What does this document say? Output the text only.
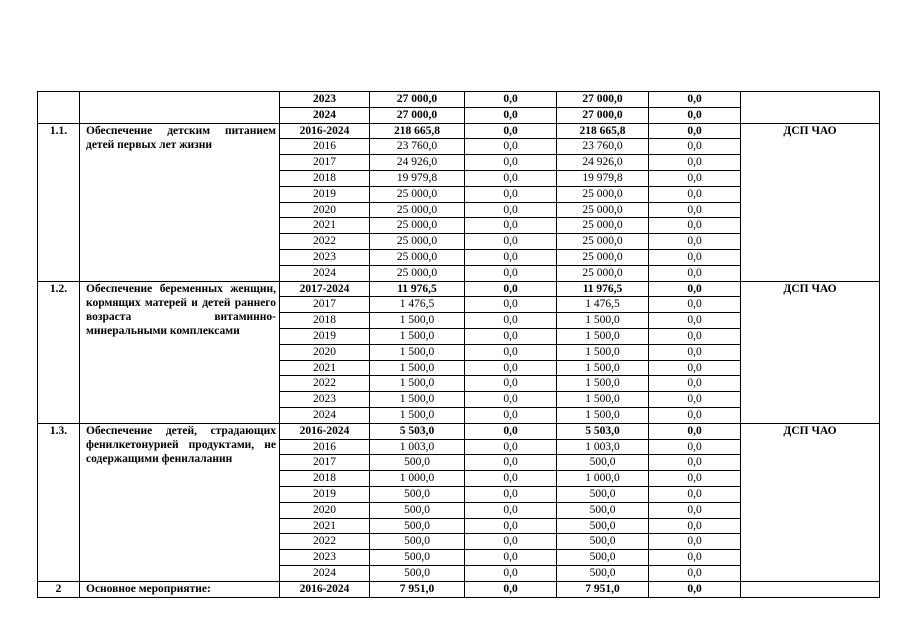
		2023	27 000,0	0,0	27 000,0	0,0	
		2024	27 000,0	0,0	27 000,0	0,0	
1.1.	Обеспечение детским питанием детей первых лет жизни	2016-2024	218 665,8	0,0	218 665,8	0,0	ДСП ЧАО
		2016	23 760,0	0,0	23 760,0	0,0	
		2017	24 926,0	0,0	24 926,0	0,0	
		2018	19 979,8	0,0	19 979,8	0,0	
		2019	25 000,0	0,0	25 000,0	0,0	
		2020	25 000,0	0,0	25 000,0	0,0	
		2021	25 000,0	0,0	25 000,0	0,0	
		2022	25 000,0	0,0	25 000,0	0,0	
		2023	25 000,0	0,0	25 000,0	0,0	
		2024	25 000,0	0,0	25 000,0	0,0	
1.2.	Обеспечение беременных женщин, кормящих матерей и детей раннего возраста витаминно-минеральными комплексами	2017-2024	11 976,5	0,0	11 976,5	0,0	ДСП ЧАО
		2017	1 476,5	0,0	1 476,5	0,0	
		2018	1 500,0	0,0	1 500,0	0,0	
		2019	1 500,0	0,0	1 500,0	0,0	
		2020	1 500,0	0,0	1 500,0	0,0	
		2021	1 500,0	0,0	1 500,0	0,0	
		2022	1 500,0	0,0	1 500,0	0,0	
		2023	1 500,0	0,0	1 500,0	0,0	
		2024	1 500,0	0,0	1 500,0	0,0	
1.3.	Обеспечение детей, страдающих фенилкетонурией продуктами, не содержащими фенилаланин	2016-2024	5 503,0	0,0	5 503,0	0,0	ДСП ЧАО
		2016	1 003,0	0,0	1 003,0	0,0	
		2017	500,0	0,0	500,0	0,0	
		2018	1 000,0	0,0	1 000,0	0,0	
		2019	500,0	0,0	500,0	0,0	
		2020	500,0	0,0	500,0	0,0	
		2021	500,0	0,0	500,0	0,0	
		2022	500,0	0,0	500,0	0,0	
		2023	500,0	0,0	500,0	0,0	
		2024	500,0	0,0	500,0	0,0	
2	Основное мероприятие:	2016-2024	7 951,0	0,0	7 951,0	0,0	
